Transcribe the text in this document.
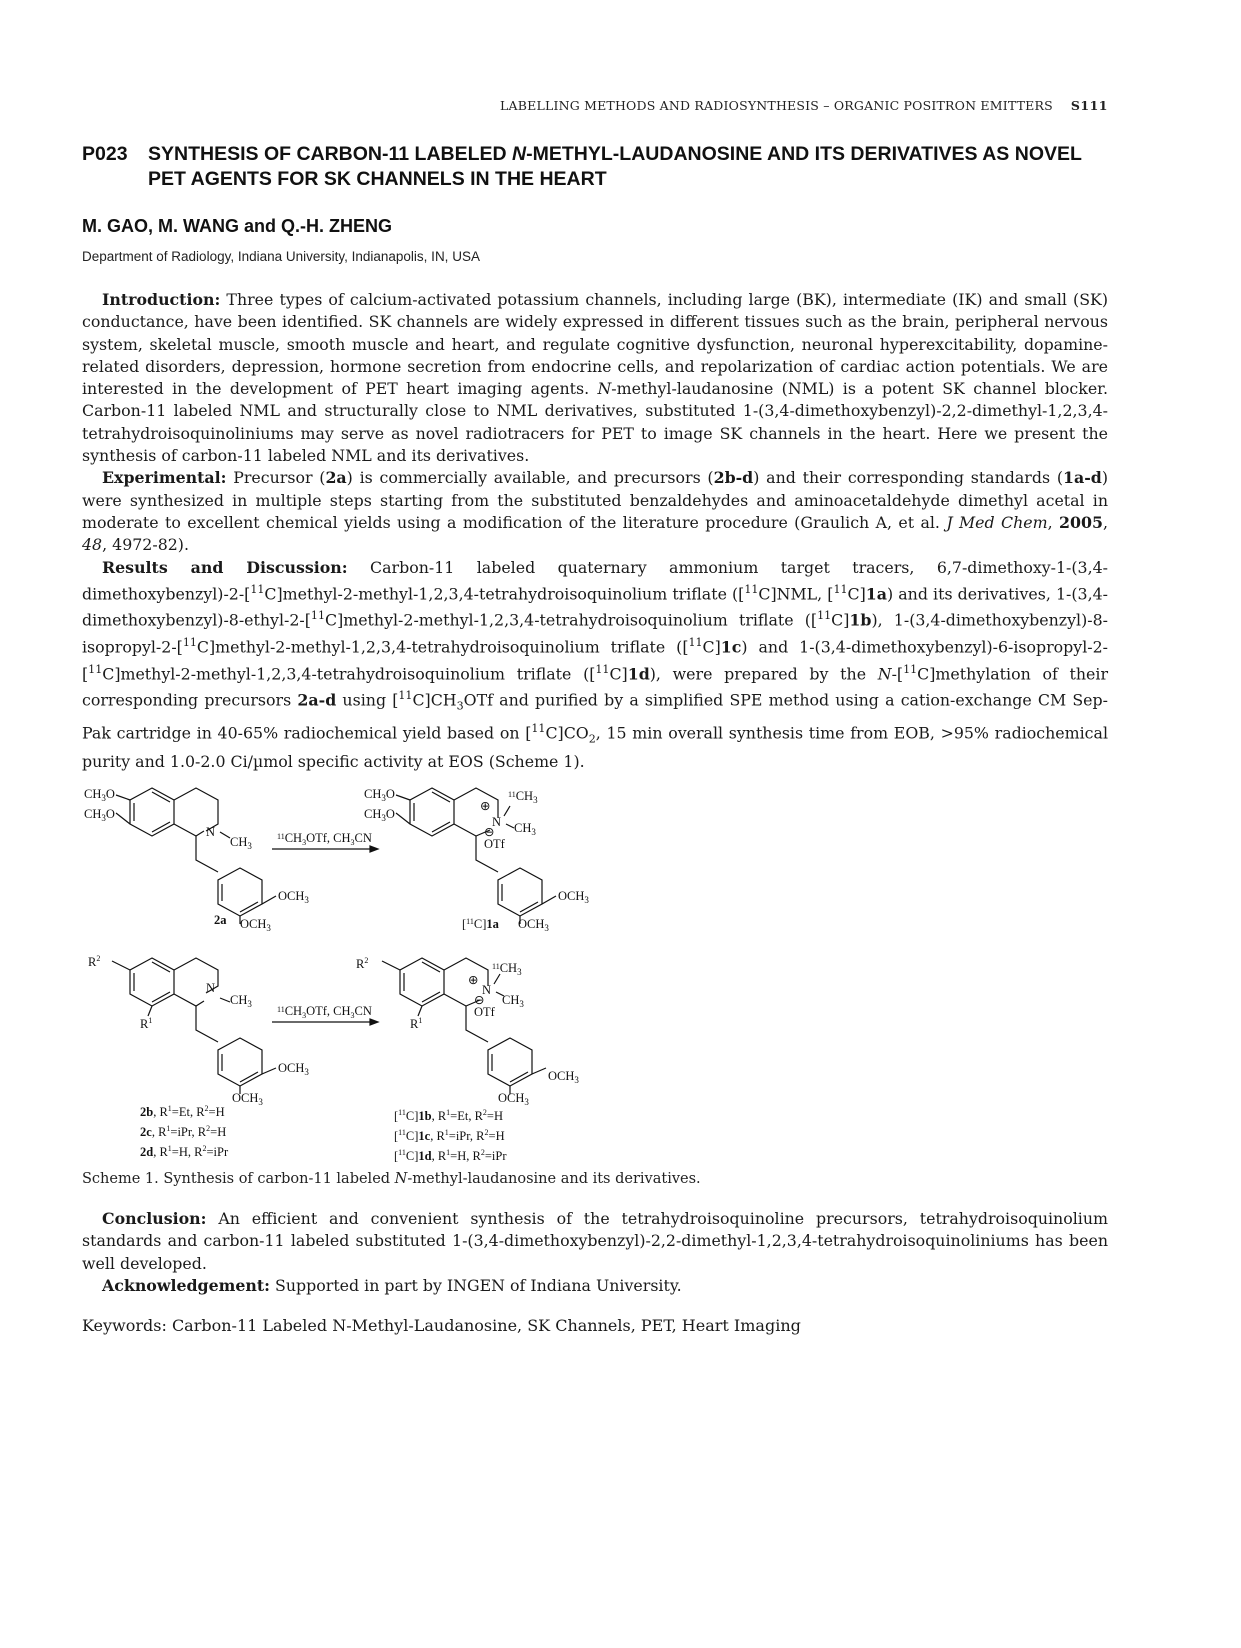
LABELLING METHODS AND RADIOSYNTHESIS – ORGANIC POSITRON EMITTERS S111
P023 SYNTHESIS OF CARBON-11 LABELED N-METHYL-LAUDANOSINE AND ITS DERIVATIVES AS NOVEL PET AGENTS FOR SK CHANNELS IN THE HEART
M. GAO, M. WANG and Q.-H. ZHENG
Department of Radiology, Indiana University, Indianapolis, IN, USA

Introduction: Three types of calcium-activated potassium channels, including large (BK), intermediate (IK) and small (SK) conductance, have been identified. SK channels are widely expressed in different tissues such as the brain, peripheral nervous system, skeletal muscle, smooth muscle and heart, and regulate cognitive dysfunction, neuronal hyperexcitability, dopamine-related disorders, depression, hormone secretion from endocrine cells, and repolarization of cardiac action potentials. We are interested in the development of PET heart imaging agents. N-methyl-laudanosine (NML) is a potent SK channel blocker. Carbon-11 labeled NML and structurally close to NML derivatives, substituted 1-(3,4-dimethoxybenzyl)-2,2-dimethyl-1,2,3,4-tetrahydroisoquinoliniums may serve as novel radiotracers for PET to image SK channels in the heart. Here we present the synthesis of carbon-11 labeled NML and its derivatives.

Experimental: Precursor (2a) is commercially available, and precursors (2b-d) and their corresponding standards (1a-d) were synthesized in multiple steps starting from the substituted benzaldehydes and aminoacetaldehyde dimethyl acetal in moderate to excellent chemical yields using a modification of the literature procedure (Graulich A, et al. J Med Chem, 2005, 48, 4972-82).

Results and Discussion: Carbon-11 labeled quaternary ammonium target tracers, 6,7-dimethoxy-1-(3,4-dimethoxybenzyl)-2-[$^{11}$C]methyl-2-methyl-1,2,3,4-tetrahydroisoquinolium triflate ([$^{11}$C]NML, [$^{11}$C]1a) and its derivatives, 1-(3,4-dimethoxybenzyl)-8-ethyl-2-[$^{11}$C]methyl-2-methyl-1,2,3,4-tetrahydroisoquinolium triflate ([$^{11}$C]1b), 1-(3,4-dimethoxybenzyl)-8-isopropyl-2-[$^{11}$C]methyl-2-methyl-1,2,3,4-tetrahydroisoquinolium triflate ([$^{11}$C]1c) and 1-(3,4-dimethoxybenzyl)-6-isopropyl-2-[$^{11}$C]methyl-2-methyl-1,2,3,4-tetrahydroisoquinolium triflate ([$^{11}$C]1d), were prepared by the N-[$^{11}$C]methylation of their corresponding precursors 2a-d using $[^{11}C]CH_3OTf$ and purified by a simplified SPE method using a cation-exchange CM Sep-Pak cartridge in 40-65% radiochemical yield based on $[^{11}C]CO_2$, 15 min overall synthesis time from EOB, >95% radiochemical purity and 1.0-2.0 Ci/µmol specific activity at EOS (Scheme 1).

$CH_3O$
$CH_3O$
N
$CH_3$
$^{11}CH_3OTf$, $CH_3CN$
$OCH_3$
2a $OCH_3$
$CH_3O$
$CH_3O$
⊕
N
$^{11}CH_3$
$CH_3$
⊖
OTf
$OCH_3$
[$^{11}$C]1a $OCH_3$
$R^2$
N
$CH_3$
$R^1$
$^{11}CH_3OTf$, $CH_3CN$
$OCH_3$
$OCH_3$
2b, $R^1=Et$, $R^2=H$
2c, $R^1=iPr$, $R^2=H$
2d, $R^1=H$, $R^2=iPr$
$R^2$
⊕
N
$^{11}CH_3$
$CH_3$
⊖
OTf
$R^1$
$OCH_3$
$OCH_3$
[$^{11}$C]1b, $R^1=Et$, $R^2=H$
[$^{11}$C]1c, $R^1=iPr$, $R^2=H$
[$^{11}$C]1d, $R^1=H$, $R^2=iPr$
Scheme 1. Synthesis of carbon-11 labeled N-methyl-laudanosine and its derivatives.

Conclusion: An efficient and convenient synthesis of the tetrahydroisoquinoline precursors, tetrahydroisoquinolium standards and carbon-11 labeled substituted 1-(3,4-dimethoxybenzyl)-2,2-dimethyl-1,2,3,4-tetrahydroisoquinoliniums has been well developed.

Acknowledgement: Supported in part by INGEN of Indiana University.

Keywords: Carbon-11 Labeled N-Methyl-Laudanosine, SK Channels, PET, Heart Imaging
